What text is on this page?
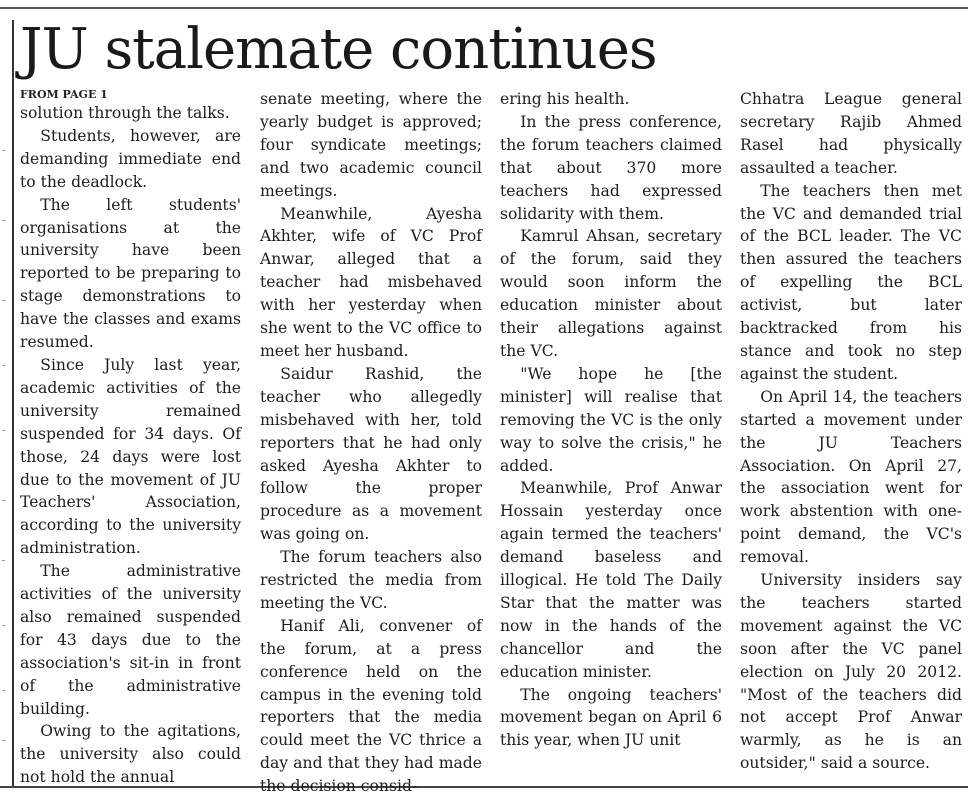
JU stalemate continues
FROM PAGE 1

solution through the talks.

Students, however, are demanding immediate end to the deadlock.

The left students' organisations at the university have been reported to be preparing to stage demonstrations to have the classes and exams resumed.

Since July last year, academic activities of the university remained suspended for 34 days. Of those, 24 days were lost due to the movement of JU Teachers' Association, according to the university administration.

The administrative activities of the university also remained suspended for 43 days due to the association's sit-in in front of the administrative building.

Owing to the agitations, the university also could not hold the annual

senate meeting, where the yearly budget is approved; four syndicate meetings; and two academic council meetings.

Meanwhile, Ayesha Akhter, wife of VC Prof Anwar, alleged that a teacher had misbehaved with her yesterday when she went to the VC office to meet her husband.

Saidur Rashid, the teacher who allegedly misbehaved with her, told reporters that he had only asked Ayesha Akhter to follow the proper procedure as a movement was going on.

The forum teachers also restricted the media from meeting the VC.

Hanif Ali, convener of the forum, at a press conference held on the campus in the evening told reporters that the media could meet the VC thrice a day and that they had made the decision consid-

ering his health.

In the press conference, the forum teachers claimed that about 370 more teachers had expressed solidarity with them.

Kamrul Ahsan, secretary of the forum, said they would soon inform the education minister about their allegations against the VC.

"We hope he [the minister] will realise that removing the VC is the only way to solve the crisis," he added.

Meanwhile, Prof Anwar Hossain yesterday once again termed the teachers' demand baseless and illogical. He told The Daily Star that the matter was now in the hands of the chancellor and the education minister.

The ongoing teachers' movement began on April 6 this year, when JU unit

Chhatra League general secretary Rajib Ahmed Rasel had physically assaulted a teacher.

The teachers then met the VC and demanded trial of the BCL leader. The VC then assured the teachers of expelling the BCL activist, but later backtracked from his stance and took no step against the student.

On April 14, the teachers started a movement under the JU Teachers Association. On April 27, the association went for work abstention with one-point demand, the VC's removal.

University insiders say the teachers started movement against the VC soon after the VC panel election on July 20 2012. "Most of the teachers did not accept Prof Anwar warmly, as he is an outsider," said a source.
